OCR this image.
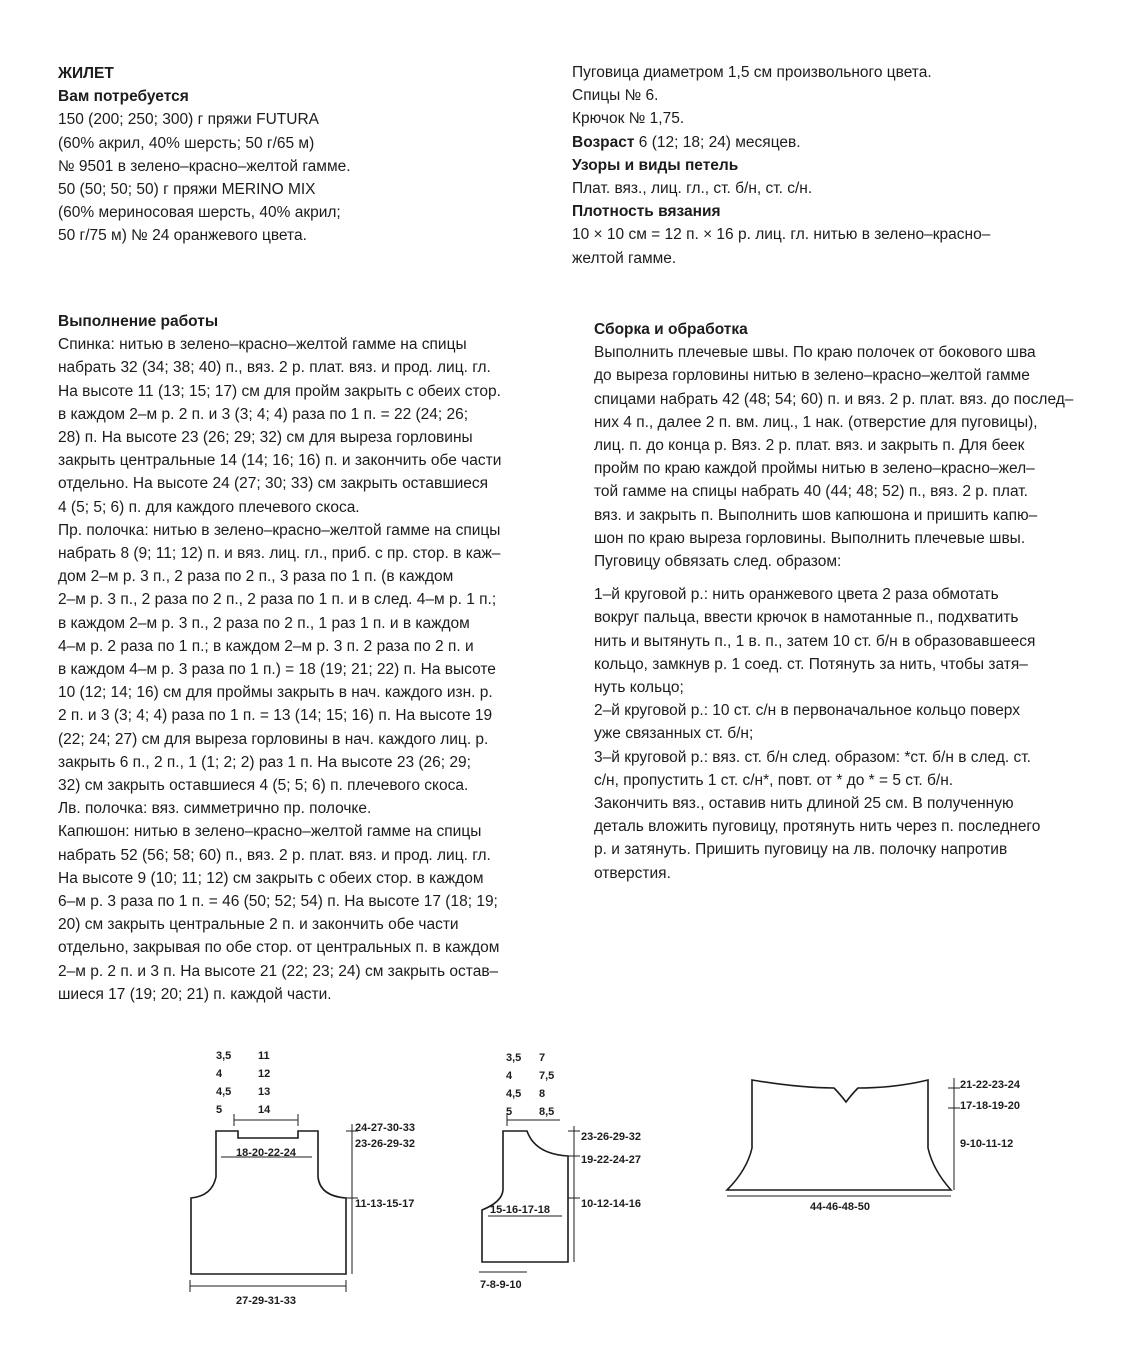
ЖИЛЕТ
Вам потребуется
150 (200; 250; 300) г пряжи FUTURA
(60% акрил, 40% шерсть; 50 г/65 м)
№ 9501 в зелено–красно–желтой гамме.
50 (50; 50; 50) г пряжи MERINO MIX
(60% мериносовая шерсть, 40% акрил;
50 г/75 м) № 24 оранжевого цвета.
Пуговица диаметром 1,5 см произвольного цвета.
Спицы № 6.
Крючок № 1,75.
Возраст 6 (12; 18; 24) месяцев.
Узоры и виды петель
Плат. вяз., лиц. гл., ст. б/н, ст. с/н.
Плотность вязания
10 × 10 см = 12 п. × 16 р. лиц. гл. нитью в зелено–красно–
желтой гамме.
Выполнение работы
Спинка: нитью в зелено–красно–желтой гамме на спицы
набрать 32 (34; 38; 40) п., вяз. 2 р. плат. вяз. и прод. лиц. гл.
На высоте 11 (13; 15; 17) см для пройм закрыть с обеих стор.
в каждом 2–м р. 2 п. и 3 (3; 4; 4) раза по 1 п. = 22 (24; 26;
28) п. На высоте 23 (26; 29; 32) см для выреза горловины
закрыть центральные 14 (14; 16; 16) п. и закончить обе части
отдельно. На высоте 24 (27; 30; 33) см закрыть оставшиеся
4 (5; 5; 6) п. для каждого плечевого скоса.
Пр. полочка: нитью в зелено–красно–желтой гамме на спицы
набрать 8 (9; 11; 12) п. и вяз. лиц. гл., приб. с пр. стор. в каж–
дом 2–м р. 3 п., 2 раза по 2 п., 3 раза по 1 п. (в каждом
2–м р. 3 п., 2 раза по 2 п., 2 раза по 1 п. и в след. 4–м р. 1 п.;
в каждом 2–м р. 3 п., 2 раза по 2 п., 1 раз 1 п. и в каждом
4–м р. 2 раза по 1 п.; в каждом 2–м р. 3 п. 2 раза по 2 п. и
в каждом 4–м р. 3 раза по 1 п.) = 18 (19; 21; 22) п. На высоте
10 (12; 14; 16) см для проймы закрыть в нач. каждого изн. р.
2 п. и 3 (3; 4; 4) раза по 1 п. = 13 (14; 15; 16) п. На высоте 19
(22; 24; 27) см для выреза горловины в нач. каждого лиц. р.
закрыть 6 п., 2 п., 1 (1; 2; 2) раз 1 п. На высоте 23 (26; 29;
32) см закрыть оставшиеся 4 (5; 5; 6) п. плечевого скоса.
Лв. полочка: вяз. симметрично пр. полочке.
Капюшон: нитью в зелено–красно–желтой гамме на спицы
набрать 52 (56; 58; 60) п., вяз. 2 р. плат. вяз. и прод. лиц. гл.
На высоте 9 (10; 11; 12) см закрыть с обеих стор. в каждом
6–м р. 3 раза по 1 п. = 46 (50; 52; 54) п. На высоте 17 (18; 19;
20) см закрыть центральные 2 п. и закончить обе части
отдельно, закрывая по обе стор. от центральных п. в каждом
2–м р. 2 п. и 3 п. На высоте 21 (22; 23; 24) см закрыть остав–
шиеся 17 (19; 20; 21) п. каждой части.
Сборка и обработка
Выполнить плечевые швы. По краю полочек от бокового шва
до выреза горловины нитью в зелено–красно–желтой гамме
спицами набрать 42 (48; 54; 60) п. и вяз. 2 р. плат. вяз. до послед–
них 4 п., далее 2 п. вм. лиц., 1 нак. (отверстие для пуговицы),
лиц. п. до конца р. Вяз. 2 р. плат. вяз. и закрыть п. Для беек
пройм по краю каждой проймы нитью в зелено–красно–жел–
той гамме на спицы набрать 40 (44; 48; 52) п., вяз. 2 р. плат.
вяз. и закрыть п. Выполнить шов капюшона и пришить капю–
шон по краю выреза горловины. Выполнить плечевые швы.
Пуговицу обвязать след. образом:
1–й круговой р.: нить оранжевого цвета 2 раза обмотать
вокруг пальца, ввести крючок в намотанные п., подхватить
нить и вытянуть п., 1 в. п., затем 10 ст. б/н в образовавшееся
кольцо, замкнув р. 1 соед. ст. Потянуть за нить, чтобы затя–
нуть кольцо;
2–й круговой р.: 10 ст. с/н в первоначальное кольцо поверх
уже связанных ст. б/н;
3–й круговой р.: вяз. ст. б/н след. образом: *ст. б/н в след. ст.
с/н, пропустить 1 ст. с/н*, повт. от * до * = 5 ст. б/н.
Закончить вяз., оставив нить длиной 25 см. В полученную
деталь вложить пуговицу, протянуть нить через п. последнего
р. и затянуть. Пришить пуговицу на лв. полочку напротив
отверстия.
3,5
4
4,5
5
11
12
13
14
18-20-22-24
24-27-30-33
23-26-29-32
11-13-15-17
27-29-31-33
3,5
4
4,5
5
7
7,5
8
8,5
23-26-29-32
19-22-24-27
10-12-14-16
15-16-17-18
7-8-9-10
21-22-23-24
17-18-19-20
9-10-11-12
44-46-48-50
